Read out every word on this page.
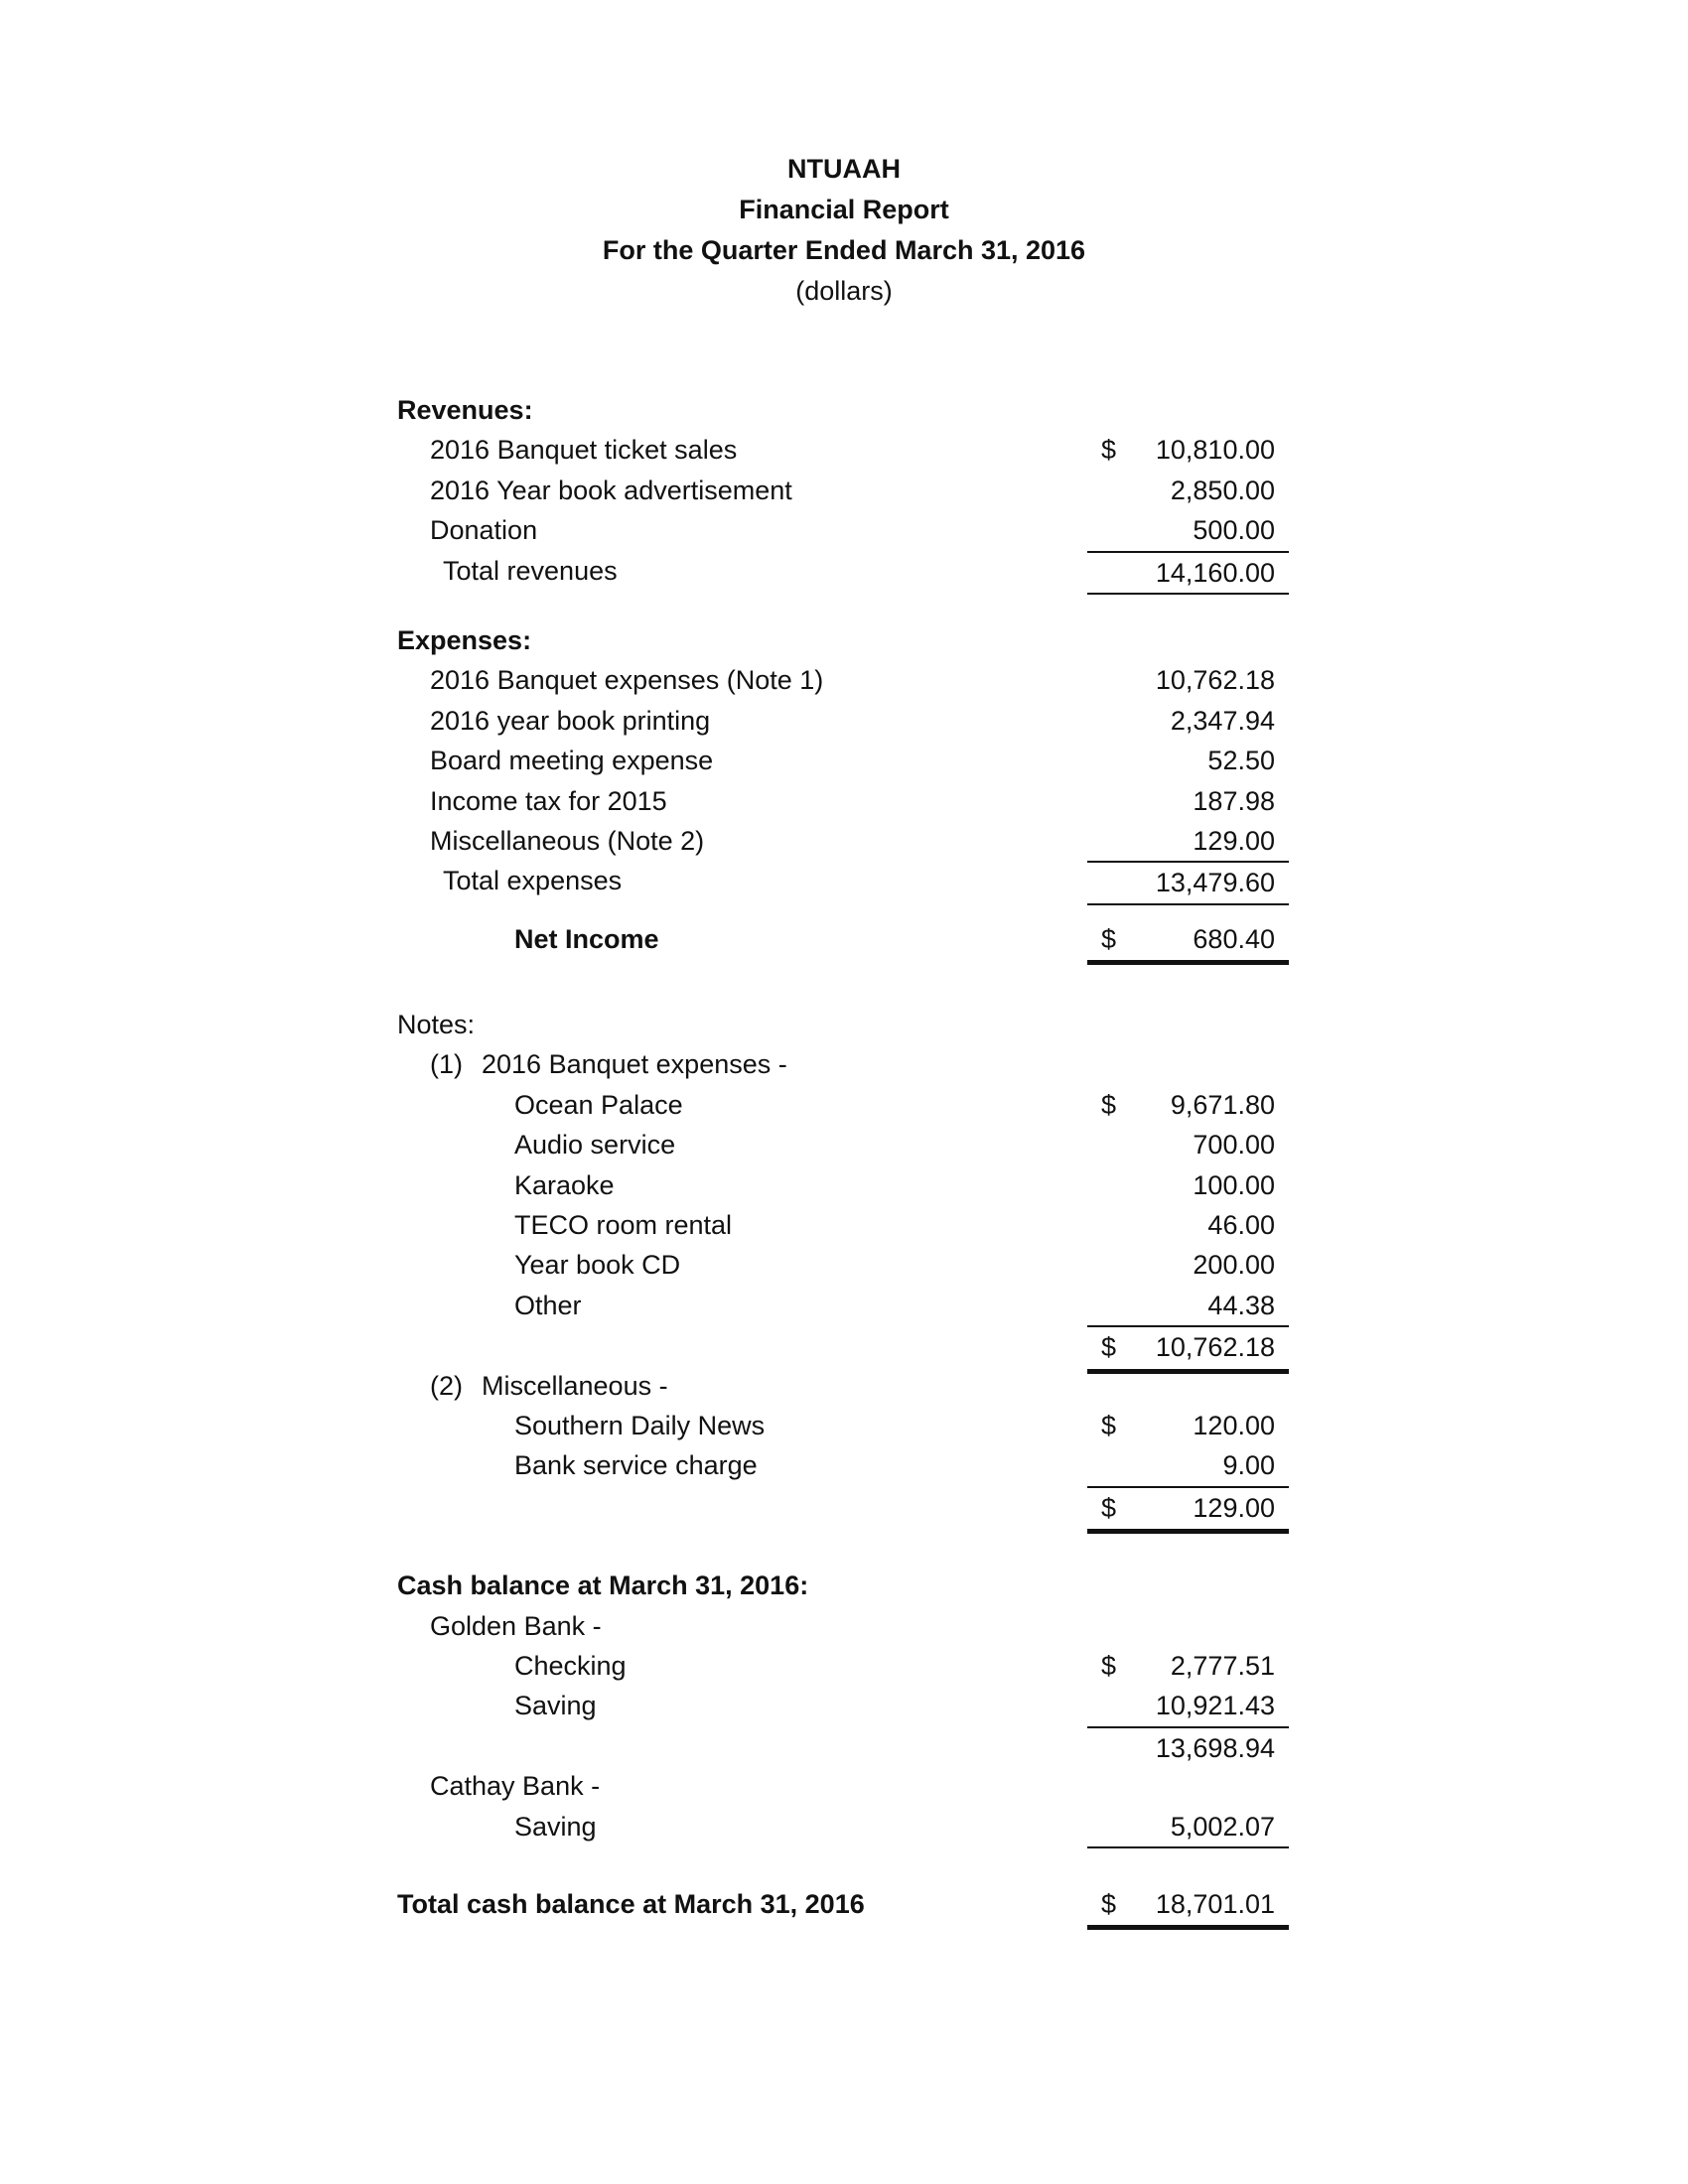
NTUAAH
Financial Report
For the Quarter Ended March 31, 2016
(dollars)
Revenues:
2016 Banquet ticket sales	$ 10,810.00
2016 Year book advertisement	2,850.00
Donation	500.00
Total revenues	14,160.00
Expenses:
2016 Banquet expenses (Note 1)	10,762.18
2016 year book printing	2,347.94
Board meeting expense	52.50
Income tax for 2015	187.98
Miscellaneous (Note 2)	129.00
Total expenses	13,479.60
Net Income	$	680.40
Notes:
(1) 2016 Banquet expenses -
Ocean Palace	$ 9,671.80
Audio service	700.00
Karaoke	100.00
TECO room rental	46.00
Year book CD	200.00
Other	44.38
$ 10,762.18
(2) Miscellaneous -
Southern Daily News	$	120.00
Bank service charge	9.00
$	129.00
Cash balance at March 31, 2016:
Golden Bank -
Checking	$ 2,777.51
Saving	10,921.43
13,698.94
Cathay Bank -
Saving	5,002.07
Total cash balance at March 31, 2016	$ 18,701.01
